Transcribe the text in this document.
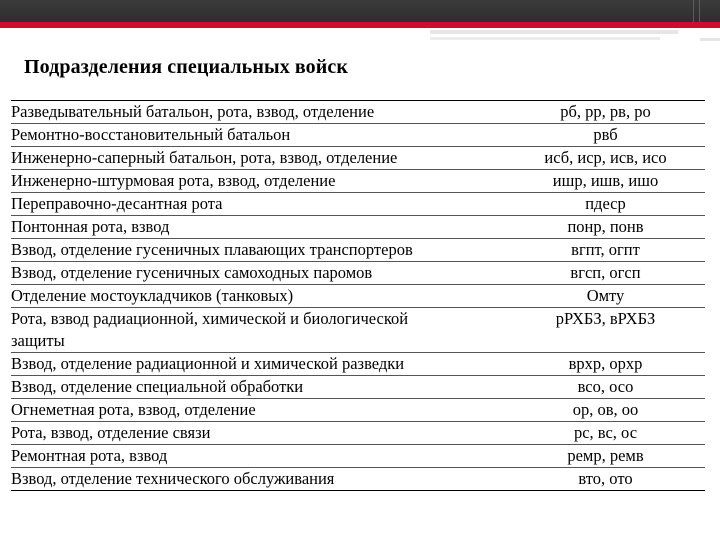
Подразделения специальных войск
Разведывательный батальон, рота, взвод, отделение	рб, рр, рв, ро
Ремонтно-восстановительный батальон	рвб
Инженерно-саперный батальон, рота, взвод, отделение	исб, иср, исв, исо
Инженерно-штурмовая рота, взвод, отделение	ишр, ишв, ишо
Переправочно-десантная рота	пдеср
Понтонная рота, взвод	понр, понв
Взвод, отделение гусеничных плавающих транспортеров	вгпт, огпт
Взвод, отделение гусеничных самоходных паромов	вгсп, огсп
Отделение мостоукладчиков (танковых)	Омту

Рота, взвод радиационной, химической и биологической
защиты	рРХБЗ, вРХБЗ
Взвод, отделение радиационной и химической разведки	врхр, орхр
Взвод, отделение специальной обработки	всо, осо
Огнеметная рота, взвод, отделение	ор, ов, оо
Рота, взвод, отделение связи	рс, вс, ос
Ремонтная рота, взвод	ремр, ремв
Взвод, отделение технического обслуживания	вто, ото
